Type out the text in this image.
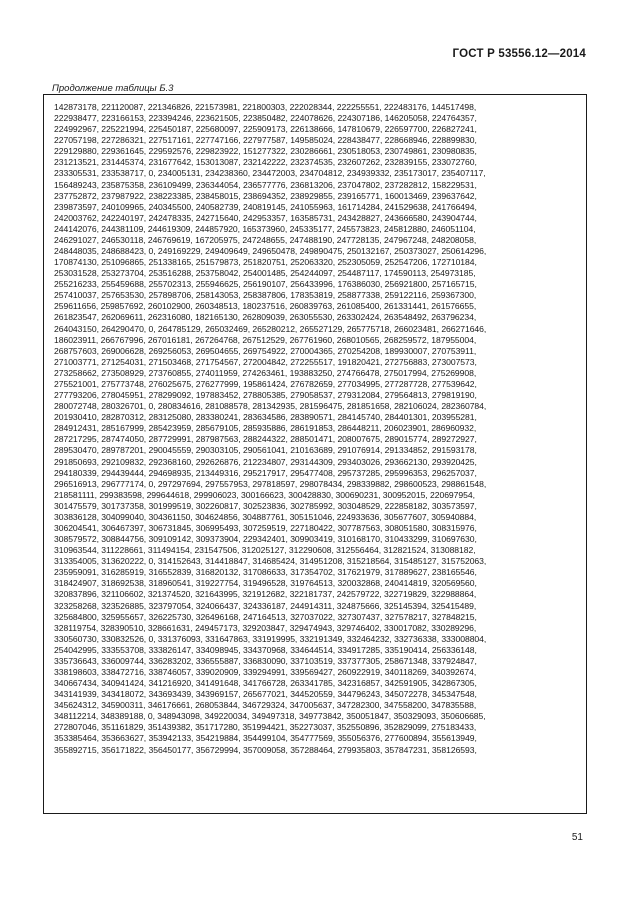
ГОСТ Р 53556.12—2014
Продолжение таблицы Б.3
142873178, 221120087, 221346826, 221573981, 221800303, 222028344, 222255551, 222483176, 144517498,
222938477, 223166153, 223394246, 223621505, 223850482, 224078626, 224307186, 146205058, 224764357,
224992967, 225221994, 225450187, 225680097, 225909173, 226138666, 147810679, 226597700, 226827241,
227057198, 227286321, 227517161, 227747166, 227977587, 149585024, 228438477, 228668946, 228899830,
229129880, 229361645, 229592576, 229823922, 151277322, 230286661, 230518053, 230749861, 230980835,
231213521, 231445374, 231677642, 153013087, 232142222, 232374535, 232607262, 232839155, 233072760,
233305531, 233538717, 0, 234005131, 234238360, 234472003, 234704812, 234939332, 235173017, 235407117,
156489243, 235875358, 236109499, 236344054, 236577776, 236813206, 237047802, 237282812, 158229531,
237752872, 237987922, 238223385, 238458015, 238694352, 238929855, 239165771, 160013469, 239637642,
239873597, 240109965, 240345500, 240582739, 240819145, 241055963, 161714284, 241529638, 241766494,
242003762, 242240197, 242478335, 242715640, 242953357, 163585731, 243428827, 243666580, 243904744,
244142076, 244381109, 244619309, 244857920, 165373960, 245335177, 245573823, 245812880, 246051104,
246291027, 246530118, 246769619, 167205975, 247248655, 247488190, 247728135, 247967248, 248208058,
248448035, 248688423, 0, 249169229, 249409649, 249650478, 249890475, 250132167, 250373027, 250614296,
170874130, 251096865, 251338165, 251579873, 251820751, 252063320, 252305059, 252547206, 172710184,
253031528, 253273704, 253516288, 253758042, 254001485, 254244097, 254487117, 174590113, 254973185,
255216233, 255459688, 255702313, 255946625, 256190107, 256433996, 176386030, 256921800, 257165715,
257410037, 257653530, 257898706, 258143053, 258387806, 178353819, 258877338, 259122116, 259367300,
259611656, 259857692, 260102900, 260348513, 180237516, 260839763, 261085400, 261331441, 261576655,
261823547, 262069611, 262316080, 182165130, 262809039, 263055530, 263302424, 263548492, 263796234,
264043150, 264290470, 0, 264785129, 265032469, 265280212, 265527129, 265775718, 266023481, 266271646,
186023911, 266767996, 267016181, 267264768, 267512529, 267761960, 268010565, 268259572, 187955004,
268757603, 269006628, 269256053, 269504655, 269754922, 270004365, 270254208, 189930007, 270753911,
271003771, 271254031, 271503468, 271754567, 272004842, 272255517, 191820421, 272756883, 273007573,
273258662, 273508929, 273760855, 274011959, 274263461, 193883250, 274766478, 275017994, 275269908,
275521001, 275773748, 276025675, 276277999, 195861424, 276782659, 277034995, 277287728, 277539642,
277793206, 278045951, 278299092, 197883452, 278805385, 279058537, 279312084, 279564813, 279819190,
280072748, 280326701, 0, 280834616, 281088578, 281342935, 281596475, 281851658, 282106024, 282360784,
201930410, 282870312, 283125080, 283380241, 283634586, 283890571, 284145740, 284401301, 203955281,
284912431, 285167999, 285423959, 285679105, 285935886, 286191853, 286448211, 206023901, 286960932,
287217295, 287474050, 287729991, 287987563, 288244322, 288501471, 208007675, 289015774, 289272927,
289530470, 289787201, 290045559, 290303105, 290561041, 210163689, 291076914, 291334852, 291593178,
291850693, 292109832, 292368160, 292626876, 212234807, 293144309, 293403026, 293662130, 293920425,
294180339, 294439444, 294698935, 213449316, 295217917, 295477408, 295737285, 295996353, 296257037,
296516913, 296777174, 0, 297297694, 297557953, 297818597, 298078434, 298339882, 298600523, 298861548,
218581111, 299383598, 299644618, 299906023, 300166623, 300428830, 300690231, 300952015, 220697954,
301475579, 301737358, 301999519, 302260817, 302523836, 302785992, 303048529, 222858182, 303573597,
303836128, 304099040, 304361150, 304624856, 304887761, 305151046, 224933636, 305677607, 305940884,
306204541, 306467397, 306731845, 306995493, 307259519, 227180422, 307787563, 308051580, 308315976,
308579572, 308844756, 309109142, 309373904, 229342401, 309903419, 310168170, 310433299, 310697630,
310963544, 311228661, 311494154, 231547506, 312025127, 312290608, 312556464, 312821524, 313088182,
313354005, 313620222, 0, 314152643, 314418847, 314685424, 314951208, 315218564, 315485127, 315752063,
235959091, 316285919, 316552839, 316820132, 317086633, 317354702, 317621979, 317889627, 238165546,
318424907, 318692538, 318960541, 319227754, 319496528, 319764513, 320032868, 240414819, 320569560,
320837896, 321106602, 321374520, 321643995, 321912682, 322181737, 242579722, 322719829, 322988864,
323258268, 323526885, 323797054, 324066437, 324336187, 244914311, 324875666, 325145394, 325415489,
325684800, 325955657, 326225730, 326496168, 247164513, 327037022, 327307437, 327578217, 327848215,
328119754, 328390510, 328661631, 249457173, 329203847, 329474943, 329746402, 330017082, 330289296,
330560730, 330832526, 0, 331376093, 331647863, 331919995, 332191349, 332464232, 332736338, 333008804,
254042995, 333553708, 333826147, 334098945, 334370968, 334644514, 334917285, 335190414, 256336148,
335736643, 336009744, 336283202, 336555887, 336830090, 337103519, 337377305, 258671348, 337924847,
338198603, 338472716, 338746057, 339020909, 339294991, 339569427, 260922919, 340118269, 340392674,
340667434, 340941424, 341216920, 341491648, 341766728, 263341785, 342316857, 342591905, 342867305,
343141939, 343418072, 343693439, 343969157, 265677021, 344520559, 344796243, 345072278, 345347548,
345624312, 345900311, 346176661, 268053844, 346729324, 347005637, 347282300, 347558200, 347835588,
348112214, 348389188, 0, 348943098, 349220034, 349497318, 349773842, 350051847, 350329093, 350606685,
272807046, 351161829, 351439382, 351717280, 351994421, 352273037, 352550896, 352829099, 275183433,
353385464, 353663627, 353942133, 354219884, 354499104, 354777569, 355056376, 277600894, 355613949,
355892715, 356171822, 356450177, 356729994, 357009058, 357288464, 279935803, 357847231, 358126593,
51
